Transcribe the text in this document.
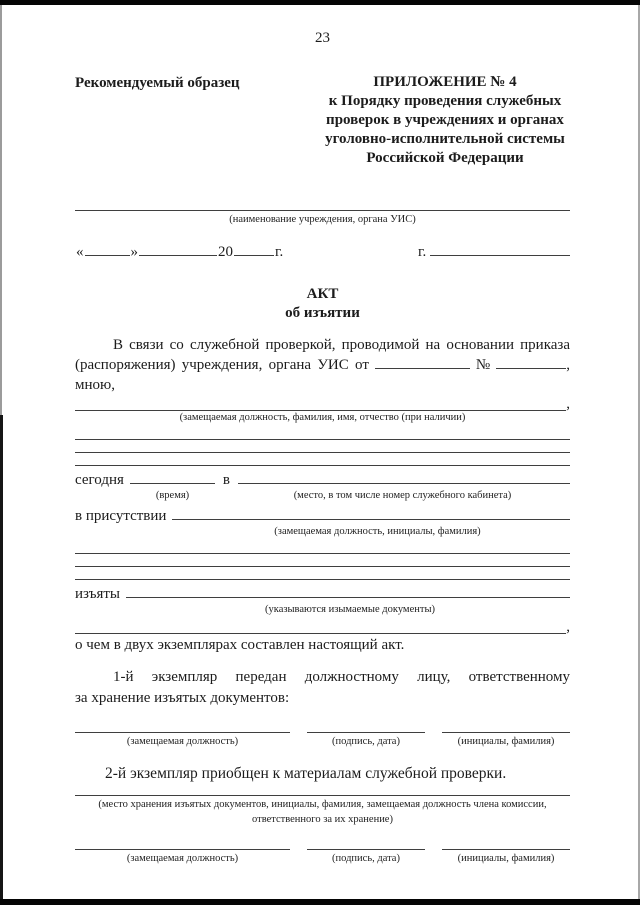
23
Рекомендуемый образец	ПРИЛОЖЕНИЕ № 4
к Порядку проведения служебных
проверок в учреждениях и органах
уголовно-исполнительной системы
Российской Федерации
(наименование учреждения, органа УИС)
«	»	20	г.	г.
АКТ
об изъятии
В связи со служебной проверкой, проводимой на основании приказа
(распоряжения) учреждения, органа УИС от	№	,
мною,
,
(замещаемая должность, фамилия, имя, отчество (при наличии)
сегодня	в
(время)	(место, в том числе номер служебного кабинета)
в присутствии
(замещаемая должность, инициалы, фамилия)
изъяты
(указываются изымаемые документы)
,
о чем в двух экземплярах составлен настоящий акт.
1-й экземпляр передан должностному лицу, ответственному
за хранение изъятых документов:
(замещаемая должность)	(подпись, дата)	(инициалы, фамилия)
2-й экземпляр приобщен к материалам служебной проверки.
(место хранения изъятых документов, инициалы, фамилия, замещаемая должность члена комиссии,
ответственного за их хранение)
(замещаемая должность)	(подпись, дата)	(инициалы, фамилия)
